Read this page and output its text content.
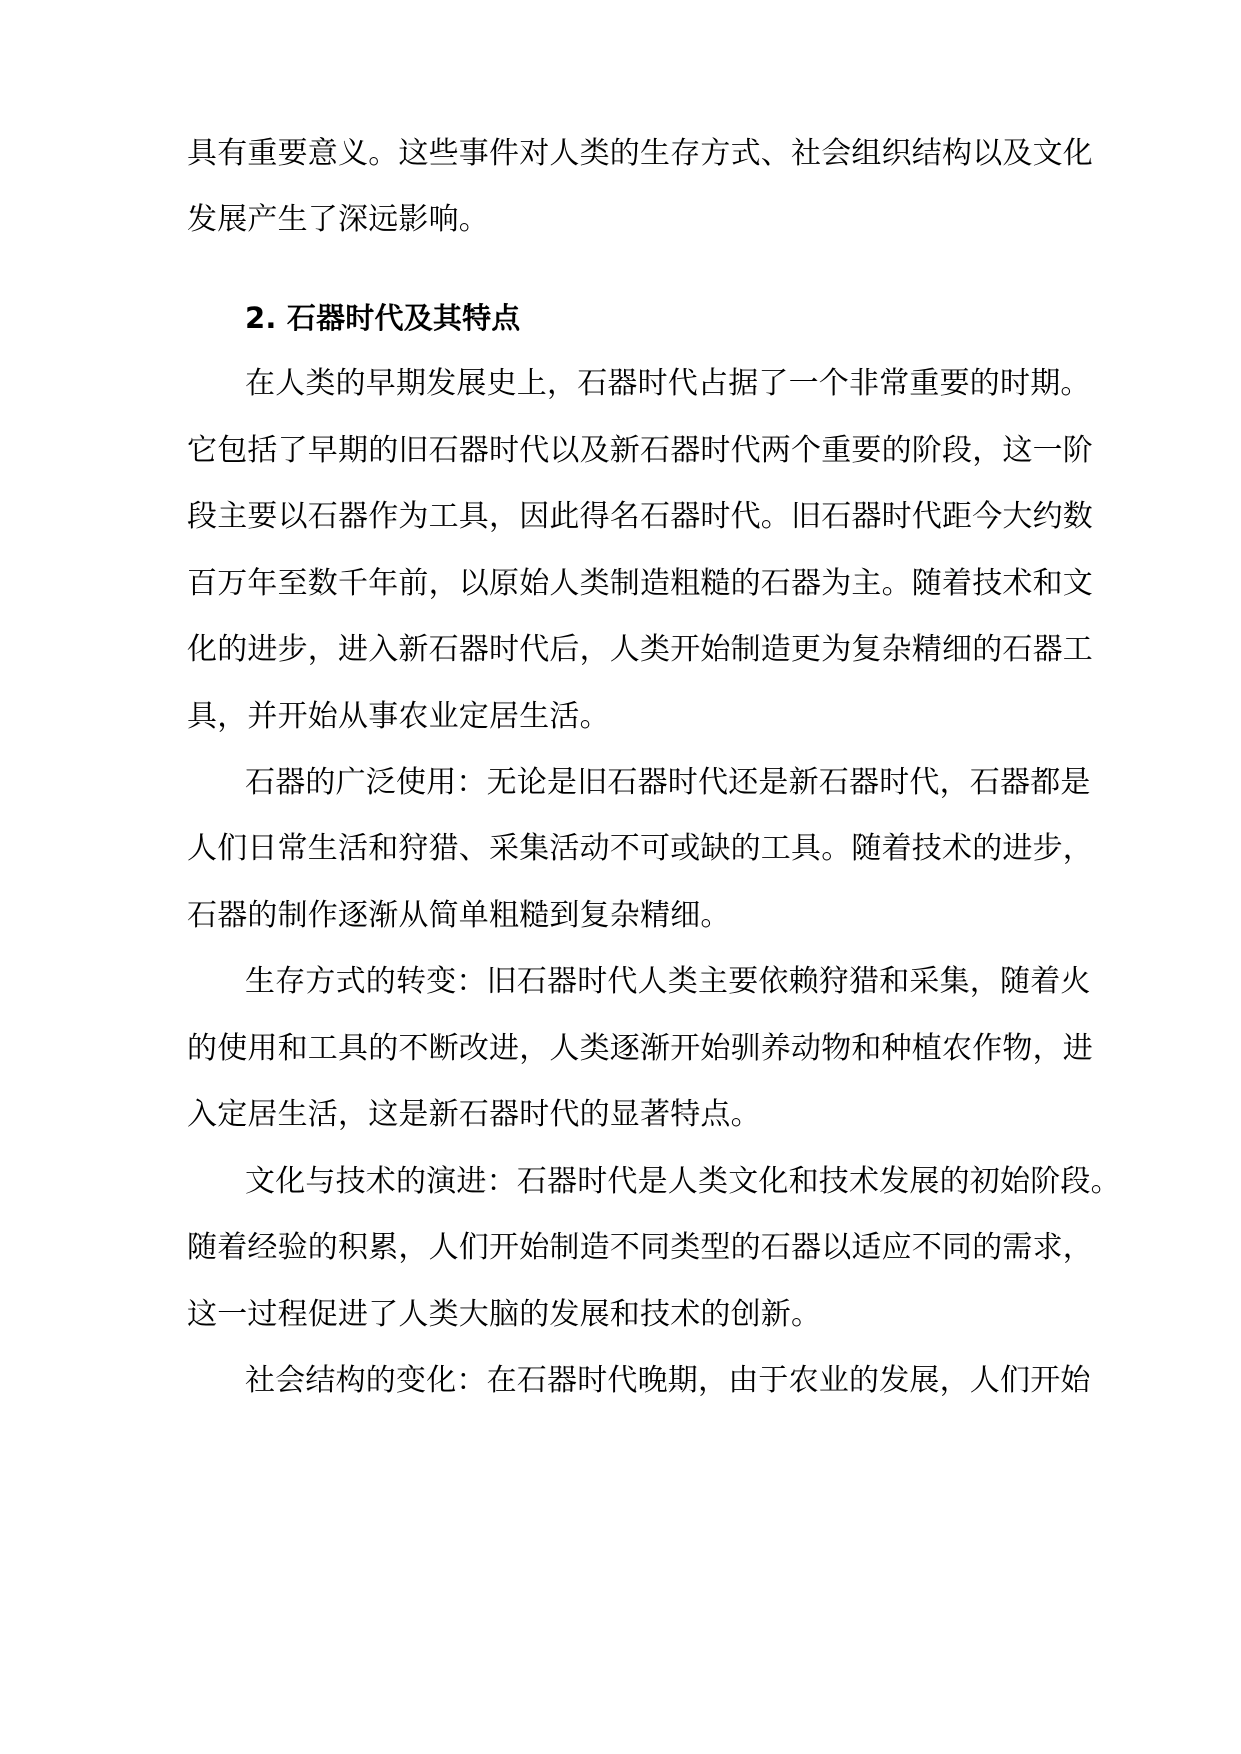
具有重要意义。这些事件对人类的生存方式、社会组织结构以及文化
发展产生了深远影响。
2. 石器时代及其特点
在人类的早期发展史上，石器时代占据了一个非常重要的时期。
它包括了早期的旧石器时代以及新石器时代两个重要的阶段，这一阶
段主要以石器作为工具，因此得名石器时代。旧石器时代距今大约数
百万年至数千年前，以原始人类制造粗糙的石器为主。随着技术和文
化的进步，进入新石器时代后，人类开始制造更为复杂精细的石器工
具，并开始从事农业定居生活。
石器的广泛使用：无论是旧石器时代还是新石器时代，石器都是
人们日常生活和狩猎、采集活动不可或缺的工具。随着技术的进步，
石器的制作逐渐从简单粗糙到复杂精细。
生存方式的转变：旧石器时代人类主要依赖狩猎和采集，随着火
的使用和工具的不断改进，人类逐渐开始驯养动物和种植农作物，进
入定居生活，这是新石器时代的显著特点。
文化与技术的演进：石器时代是人类文化和技术发展的初始阶段。
随着经验的积累，人们开始制造不同类型的石器以适应不同的需求，
这一过程促进了人类大脑的发展和技术的创新。
社会结构的变化：在石器时代晚期，由于农业的发展，人们开始
